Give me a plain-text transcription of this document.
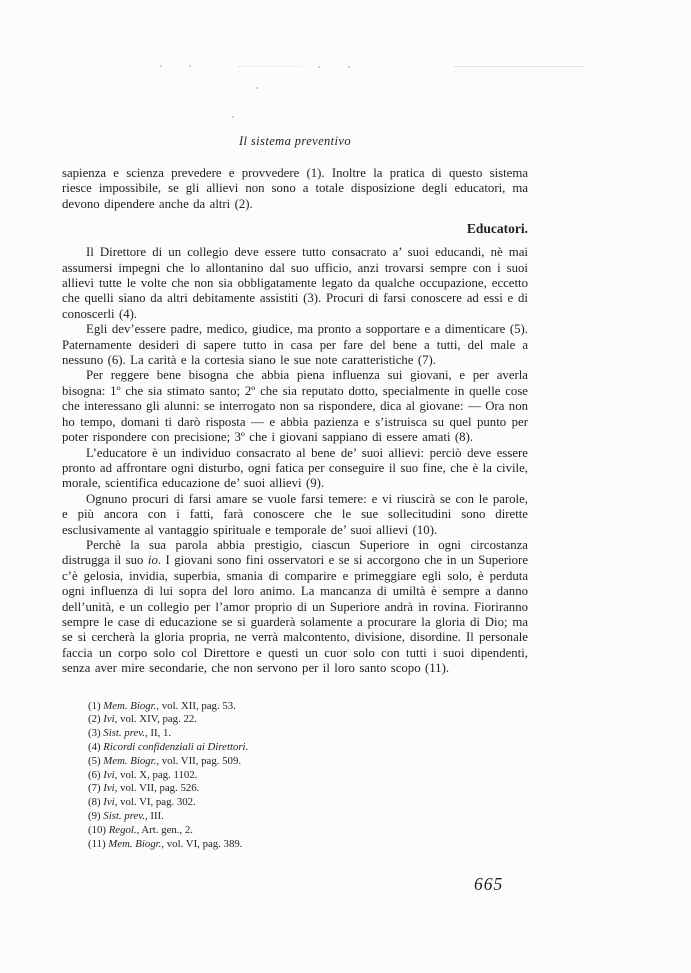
Il sistema preventivo

sapienza e scienza prevedere e provvedere (1). Inoltre la pratica di questo sistema riesce impossibile, se gli allievi non sono a totale disposizione degli educatori, ma devono dipendere anche da altri (2).

Educatori.

Il Direttore di un collegio deve essere tutto consacrato a’ suoi educandi, nè mai assumersi impegni che lo allontanino dal suo ufficio, anzi trovarsi sempre con i suoi allievi tutte le volte che non sia obbligatamente legato da qualche occupazione, eccetto che quelli siano da altri debitamente assistiti (3). Procuri di farsi conoscere ad essi e di conoscerli (4).

Egli dev’essere padre, medico, giudice, ma pronto a sopportare e a dimenticare (5). Paternamente desideri di sapere tutto in casa per fare del bene a tutti, del male a nessuno (6). La carità e la cortesia siano le sue note caratteristiche (7).

Per reggere bene bisogna che abbia piena influenza sui giovani, e per averla bisogna: 1º che sia stimato santo; 2º che sia reputato dotto, specialmente in quelle cose che interessano gli alunni: se interrogato non sa rispondere, dica al giovane: — Ora non ho tempo, domani ti darò risposta — e abbia pazienza e s’istruisca su quel punto per poter rispondere con precisione; 3º che i giovani sappiano di essere amati (8).

L’educatore è un individuo consacrato al bene de’ suoi allievi: perciò deve essere pronto ad affrontare ogni disturbo, ogni fatica per conseguire il suo fine, che è la civile, morale, scientifica educazione de’ suoi allievi (9).

Ognuno procuri di farsi amare se vuole farsi temere: e vi riuscirà se con le parole, e più ancora con i fatti, farà conoscere che le sue sollecitudini sono dirette esclusivamente al vantaggio spirituale e temporale de’ suoi allievi (10).

Perchè la sua parola abbia prestigio, ciascun Superiore in ogni circostanza distrugga il suo io. I giovani sono fini osservatori e se si accorgono che in un Superiore c’è gelosia, invidia, superbia, smania di comparire e primeggiare egli solo, è perduta ogni influenza di lui sopra del loro animo. La mancanza di umiltà è sempre a danno dell’unità, e un collegio per l’amor proprio di un Superiore andrà in rovina. Fioriranno sempre le case di educazione se si guarderà solamente a procurare la gloria di Dio; ma se si cercherà la gloria propria, ne verrà malcontento, divisione, disordine. Il personale faccia un corpo solo col Direttore e questi un cuor solo con tutti i suoi dipendenti, senza aver mire secondarie, che non servono per il loro santo scopo (11).

(1) Mem. Biogr., vol. XII, pag. 53.
(2) Ivi, vol. XIV, pag. 22.
(3) Sist. prev., II, 1.
(4) Ricordi confidenziali ai Direttori.
(5) Mem. Biogr., vol. VII, pag. 509.
(6) Ivi, vol. X, pag. 1102.
(7) Ivi, vol. VII, pag. 526.
(8) Ivi, vol. VI, pag. 302.
(9) Sist. prev., III.
(10) Regol., Art. gen., 2.
(11) Mem. Biogr., vol. VI, pag. 389.
665
